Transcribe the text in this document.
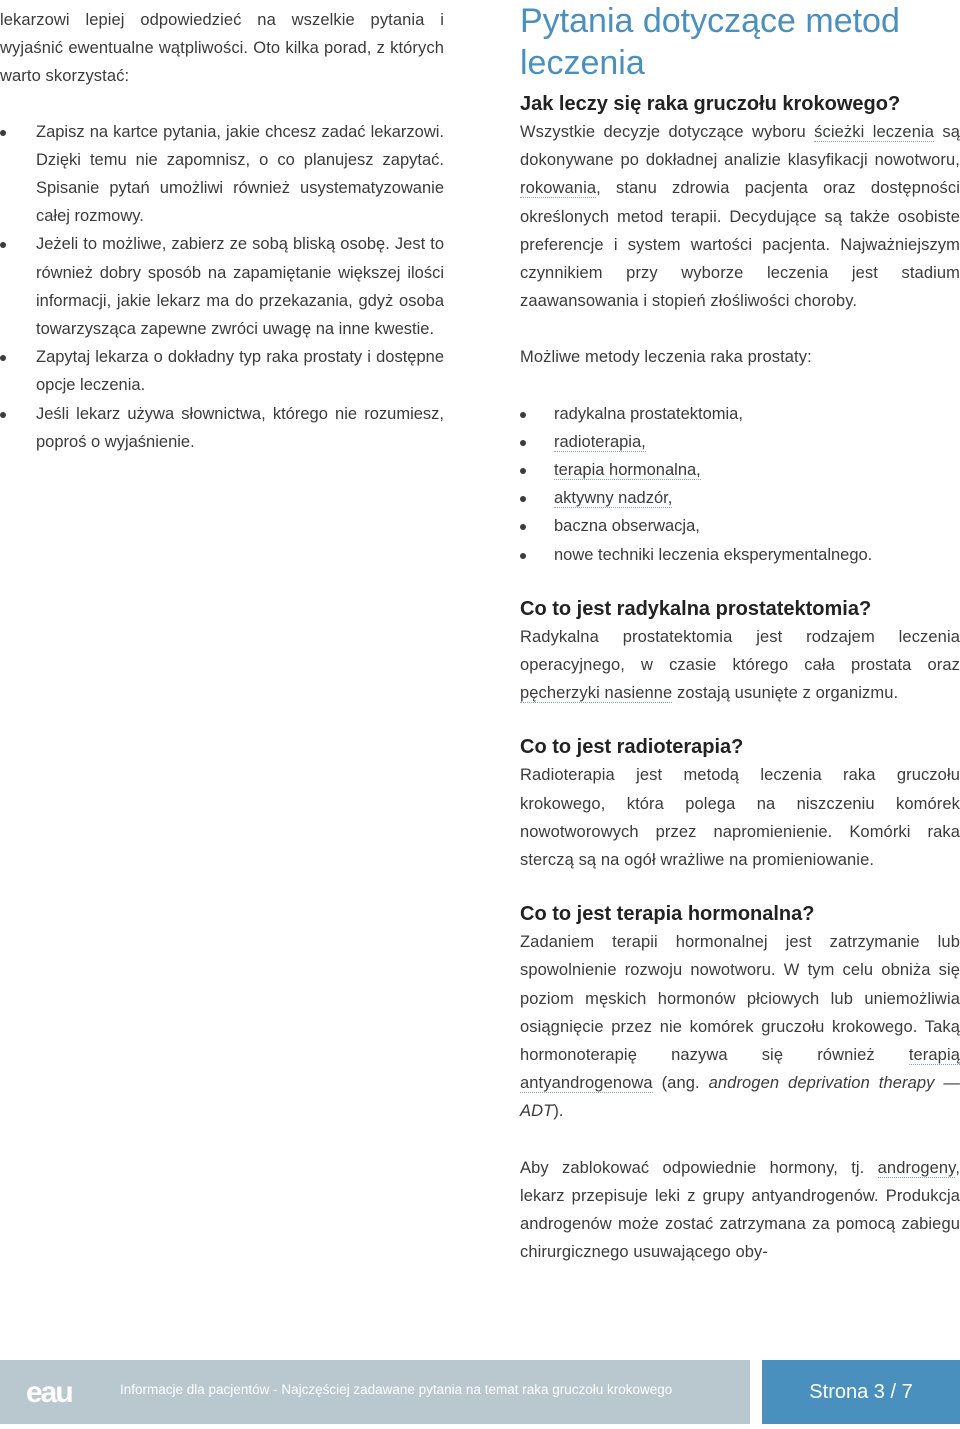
lekarzowi lepiej odpowiedzieć na wszelkie pytania i wyjaśnić ewentualne wątpliwości. Oto kilka porad, z których warto skorzystać:

Zapisz na kartce pytania, jakie chcesz zadać lekarzowi. Dzięki temu nie zapomnisz, o co planujesz zapytać. Spisanie pytań umożliwi również usystematyzowanie całej rozmowy.
Jeżeli to możliwe, zabierz ze sobą bliską osobę. Jest to również dobry sposób na zapamiętanie większej ilości informacji, jakie lekarz ma do przekazania, gdyż osoba towarzysząca zapewne zwróci uwagę na inne kwestie.
Zapytaj lekarza o dokładny typ raka prostaty i dostępne opcje leczenia.
Jeśli lekarz używa słownictwa, którego nie rozumiesz, poproś o wyjaśnienie.
Pytania dotyczące metod leczenia
Jak leczy się raka gruczołu krokowego?

Wszystkie decyzje dotyczące wyboru ścieżki leczenia są dokonywane po dokładnej analizie klasyfikacji nowotworu, rokowania, stanu zdrowia pacjenta oraz dostępności określonych metod terapii. Decydujące są także osobiste preferencje i system wartości pacjenta. Najważniejszym czynnikiem przy wyborze leczenia jest stadium zaawansowania i stopień złośliwości choroby.

Możliwe metody leczenia raka prostaty:

radykalna prostatektomia,
radioterapia,
terapia hormonalna,
aktywny nadzór,
baczna obserwacja,
nowe techniki leczenia eksperymentalnego.
Co to jest radykalna prostatektomia?

Radykalna prostatektomia jest rodzajem leczenia operacyjnego, w czasie którego cała prostata oraz pęcherzyki nasienne zostają usunięte z organizmu.

Co to jest radioterapia?

Radioterapia jest metodą leczenia raka gruczołu krokowego, która polega na niszczeniu komórek nowotworowych przez napromienienie. Komórki raka sterczą są na ogół wrażliwe na promieniowanie.

Co to jest terapia hormonalna?

Zadaniem terapii hormonalnej jest zatrzymanie lub spowolnienie rozwoju nowotworu. W tym celu obniża się poziom męskich hormonów płciowych lub uniemożliwia osiągnięcie przez nie komórek gruczołu krokowego. Taką hormonoterapię nazywa się również terapią antyandrogenowa (ang. androgen deprivation therapy — ADT).

Aby zablokować odpowiednie hormony, tj. androgeny, lekarz przepisuje leki z grupy antyandrogenów. Produkcja androgenów może zostać zatrzymana za pomocą zabiegu chirurgicznego usuwającego oby-

eau	Informacje dla pacjentów - Najczęściej zadawane pytania na temat raka gruczołu krokowego	Strona 3 / 7
